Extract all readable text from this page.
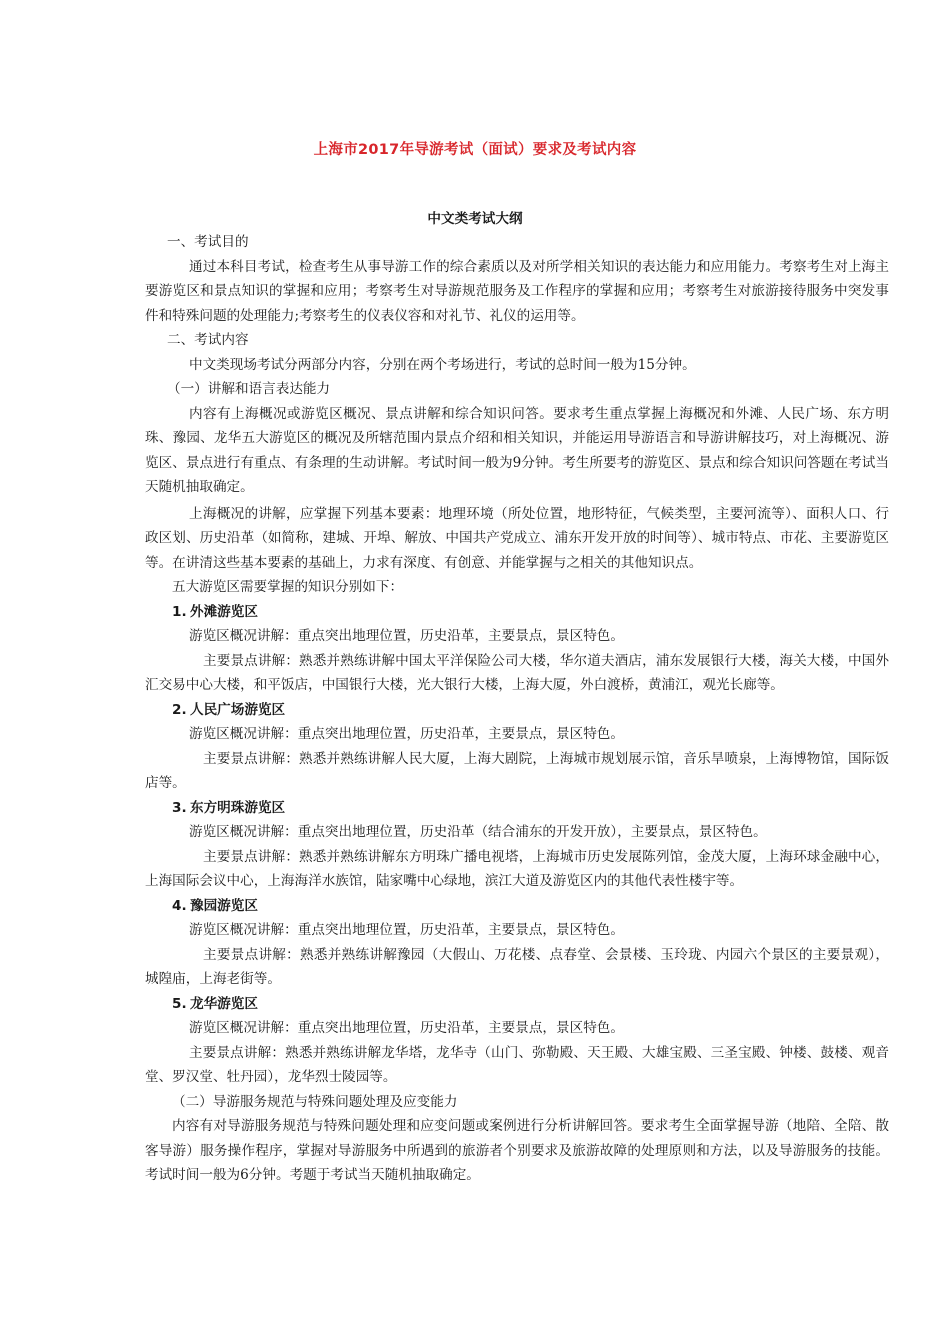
上海市2017年导游考试（面试）要求及考试内容
中文类考试大纲

一、考试目的

通过本科目考试，检查考生从事导游工作的综合素质以及对所学相关知识的表达能力和应用能力。考察考生对上海主要游览区和景点知识的掌握和应用；考察考生对导游规范服务及工作程序的掌握和应用；考察考生对旅游接待服务中突发事件和特殊问题的处理能力;考察考生的仪表仪容和对礼节、礼仪的运用等。

二、考试内容

中文类现场考试分两部分内容，分别在两个考场进行，考试的总时间一般为15分钟。

（一）讲解和语言表达能力

内容有上海概况或游览区概况、景点讲解和综合知识问答。要求考生重点掌握上海概况和外滩、人民广场、东方明珠、豫园、龙华五大游览区的概况及所辖范围内景点介绍和相关知识，并能运用导游语言和导游讲解技巧，对上海概况、游览区、景点进行有重点、有条理的生动讲解。考试时间一般为9分钟。考生所要考的游览区、景点和综合知识问答题在考试当天随机抽取确定。

上海概况的讲解，应掌握下列基本要素：地理环境（所处位置，地形特征，气候类型，主要河流等）、面积人口、行政区划、历史沿革（如简称，建城、开埠、解放、中国共产党成立、浦东开发开放的时间等）、城市特点、市花、主要游览区等。在讲清这些基本要素的基础上，力求有深度、有创意、并能掌握与之相关的其他知识点。

五大游览区需要掌握的知识分别如下：

1. 外滩游览区

游览区概况讲解：重点突出地理位置，历史沿革，主要景点，景区特色。

主要景点讲解：熟悉并熟练讲解中国太平洋保险公司大楼，华尔道夫酒店，浦东发展银行大楼，海关大楼，中国外汇交易中心大楼，和平饭店，中国银行大楼，光大银行大楼，上海大厦，外白渡桥，黄浦江，观光长廊等。

2. 人民广场游览区

游览区概况讲解：重点突出地理位置，历史沿革，主要景点，景区特色。

主要景点讲解：熟悉并熟练讲解人民大厦，上海大剧院，上海城市规划展示馆，音乐旱喷泉，上海博物馆，国际饭店等。

3. 东方明珠游览区

游览区概况讲解：重点突出地理位置，历史沿革（结合浦东的开发开放），主要景点，景区特色。

主要景点讲解：熟悉并熟练讲解东方明珠广播电视塔，上海城市历史发展陈列馆，金茂大厦，上海环球金融中心，上海国际会议中心，上海海洋水族馆，陆家嘴中心绿地，滨江大道及游览区内的其他代表性楼宇等。

4. 豫园游览区

游览区概况讲解：重点突出地理位置，历史沿革，主要景点，景区特色。

主要景点讲解：熟悉并熟练讲解豫园（大假山、万花楼、点春堂、会景楼、玉玲珑、内园六个景区的主要景观），城隍庙，上海老街等。

5. 龙华游览区

游览区概况讲解：重点突出地理位置，历史沿革，主要景点，景区特色。

主要景点讲解：熟悉并熟练讲解龙华塔，龙华寺（山门、弥勒殿、天王殿、大雄宝殿、三圣宝殿、钟楼、鼓楼、观音堂、罗汉堂、牡丹园），龙华烈士陵园等。

（二）导游服务规范与特殊问题处理及应变能力

内容有对导游服务规范与特殊问题处理和应变问题或案例进行分析讲解回答。要求考生全面掌握导游（地陪、全陪、散客导游）服务操作程序，掌握对导游服务中所遇到的旅游者个别要求及旅游故障的处理原则和方法，以及导游服务的技能。考试时间一般为6分钟。考题于考试当天随机抽取确定。
